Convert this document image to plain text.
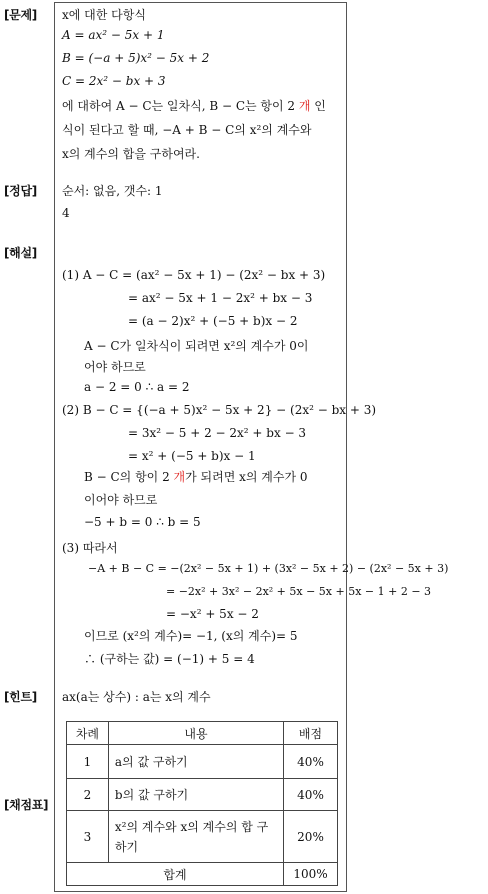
[문제]
[정답]
[해설]
[힌트]
[채점표]
x에 대한 다항식
A = ax² − 5x + 1
B = (−a + 5)x² − 5x + 2
C = 2x² − bx + 3
에 대하여 A − C는 일차식, B − C는 항이 2 개 인
식이 된다고 할 때, −A + B − C의 x²의 계수와
x의 계수의 합을 구하여라.
순서: 없음, 갯수: 1
4
(1) A − C = (ax² − 5x + 1) − (2x² − bx + 3)
= ax² − 5x + 1 − 2x² + bx − 3
= (a − 2)x² + (−5 + b)x − 2
A − C가 일차식이 되려면 x²의 계수가 0이
어야 하므로
a − 2 = 0 ∴ a = 2
(2) B − C = {(−a + 5)x² − 5x + 2} − (2x² − bx + 3)
= 3x² − 5 + 2 − 2x² + bx − 3
= x² + (−5 + b)x − 1
B − C의 항이 2 개가 되려면 x의 계수가 0
이어야 하므로
−5 + b = 0 ∴ b = 5
(3) 따라서
−A + B − C = −(2x² − 5x + 1) + (3x² − 5x + 2) − (2x² − 5x + 3)
= −2x² + 3x² − 2x² + 5x − 5x + 5x − 1 + 2 − 3
= −x² + 5x − 2
이므로 (x²의 계수)= −1, (x의 계수)= 5
∴ (구하는 값) = (−1) + 5 = 4
ax(a는 상수) : a는 x의 계수
차례	내용	배점
1	a의 값 구하기	40%
2	b의 값 구하기	40%
3	x²의 계수와 x의 계수의 합 구하기	20%
합계		100%
